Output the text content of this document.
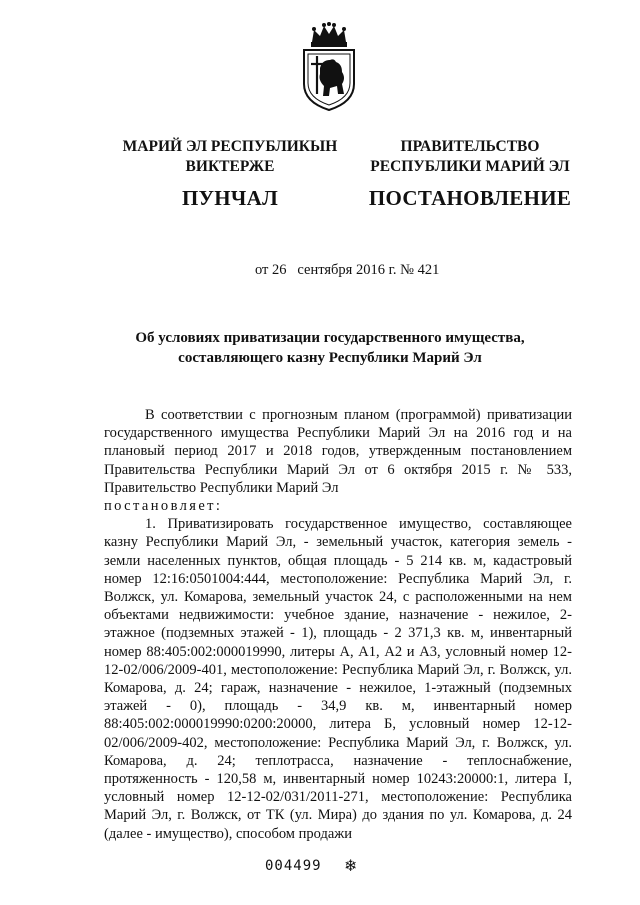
МАРИЙ ЭЛ РЕСПУБЛИКЫН
ВИКТЕРЖЕ
ПУНЧАЛ
ПРАВИТЕЛЬСТВО
РЕСПУБЛИКИ МАРИЙ ЭЛ
ПОСТАНОВЛЕНИЕ
от 26   сентября 2016 г. № 421
Об условиях приватизации государственного имущества,
составляющего казну Республики Марий Эл

В соответствии с прогнозным планом (программой) приватизации государственного имущества Республики Марий Эл на 2016 год и на плановый период 2017 и 2018 годов, утвержденным постановлением Правительства Республики Марий Эл от 6 октября 2015 г. № 533, Правительство Республики Марий Эл

постановляет:

1. Приватизировать государственное имущество, составляющее казну Республики Марий Эл, - земельный участок, категория земель - земли населенных пунктов, общая площадь - 5 214 кв. м, кадастровый номер 12:16:0501004:444, местоположение: Республика Марий Эл, г. Волжск, ул. Комарова, земельный участок 24, с расположенными на нем объектами недвижимости: учебное здание, назначение - нежилое, 2-этажное (подземных этажей - 1), площадь - 2 371,3 кв. м, инвентарный номер 88:405:002:000019990, литеры А, А1, А2 и А3, условный номер 12-12-02/006/2009-401, местоположение: Республика Марий Эл, г. Волжск, ул. Комарова, д. 24; гараж, назначение - нежилое, 1-этажный (подземных этажей - 0), площадь - 34,9 кв. м, инвентарный номер 88:405:002:000019990:0200:20000, литера Б, условный номер 12-12-02/006/2009-402, местоположение: Республика Марий Эл, г. Волжск, ул. Комарова, д. 24; теплотрасса, назначение - теплоснабжение, протяженность - 120,58 м, инвентарный номер 10243:20000:1, литера I, условный номер 12-12-02/031/2011-271, местоположение: Республика Марий Эл, г. Волжск, от ТК (ул. Мира) до здания по ул. Комарова, д. 24 (далее - имущество), способом продажи

004499 ❄
